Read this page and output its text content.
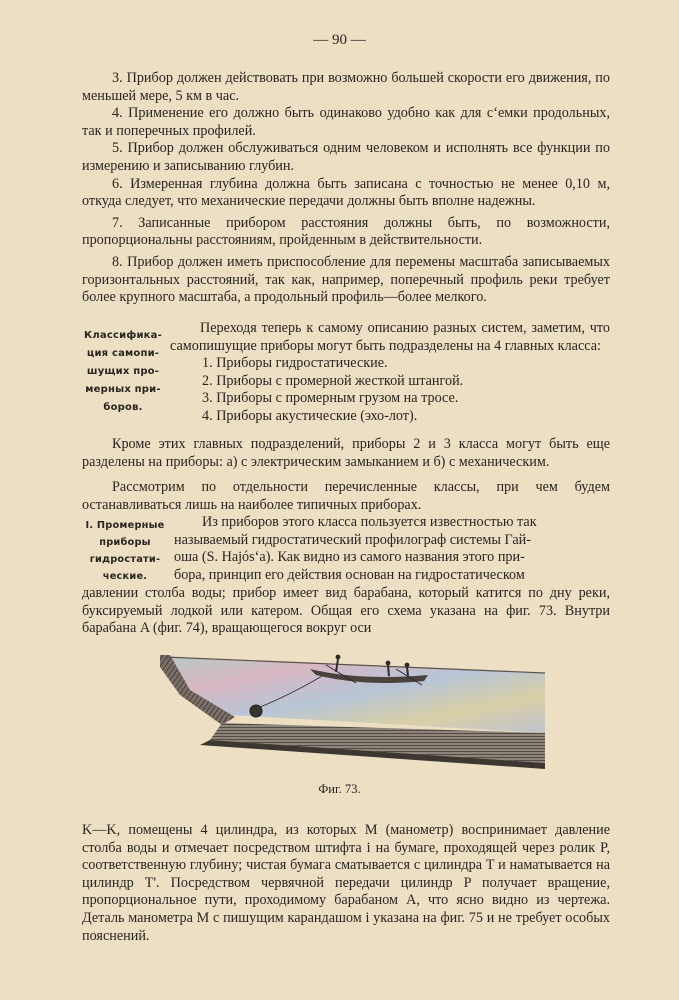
— 90 —

3. Прибор должен действовать при возможно большей скорости его движения, по меньшей мере, 5 км в час.

4. Применение его должно быть одинаково удобно как для с‘емки продольных, так и поперечных профилей.

5. Прибор должен обслуживаться одним человеком и исполнять все функции по измерению и записыванию глубин.

6. Измеренная глубина должна быть записана с точностью не менее 0,10 м, откуда следует, что механические передачи должны быть вполне надежны.

7. Записанные прибором расстояния должны быть, по возможности, пропорциональны расстояниям, пройденным в действительности.

8. Прибор должен иметь приспособление для перемены масштаба записываемых горизонтальных расстояний, так как, например, поперечный профиль реки требует более крупного масштаба, а продольный профиль—более мелкого.

Классифика-
ция самопи-
шущих про-
мерных при-
боров.

Переходя теперь к самому описанию разных систем, заметим, что самопишущие приборы могут быть подразделены на 4 главных класса:

1. Приборы гидростатические.

2. Приборы с промерной жесткой штангой.

3. Приборы с промерным грузом на тросе.

4. Приборы акустические (эхо-лот).

Кроме этих главных подразделений, приборы 2 и 3 класса могут быть еще разделены на приборы: а) с электрическим замыканием и б) с механическим.

Рассмотрим по отдельности перечисленные классы, при чем будем останавливаться лишь на наиболее типичных приборах.

I. Промерные
приборы
гидростати-
ческие.

Из приборов этого класса пользуется известностью так

называемый гидростатический профилограф системы Гай-

оша (S. Hajós‘а). Как видно из самого названия этого при-

бора, принцип его действия основан на гидростатическом

давлении столба воды; прибор имеет вид барабана, который катится по дну реки, буксируемый лодкой или катером. Общая его схема указана на фиг. 73. Внутри барабана A (фиг. 74), вращающегося вокруг оси

Фиг. 73.

K—K, помещены 4 цилиндра, из которых M (манометр) воспринимает давление столба воды и отмечает посредством штифта i на бумаге, проходящей через ролик P, соответственную глубину; чистая бумага сматывается с цилиндра T и наматывается на цилиндр T'. Посредством червячной передачи цилиндр P получает вращение, пропорциональное пути, проходимому барабаном A, что ясно видно из чертежа. Деталь манометра M с пишущим карандашом i указана на фиг. 75 и не требует особых пояснений.
